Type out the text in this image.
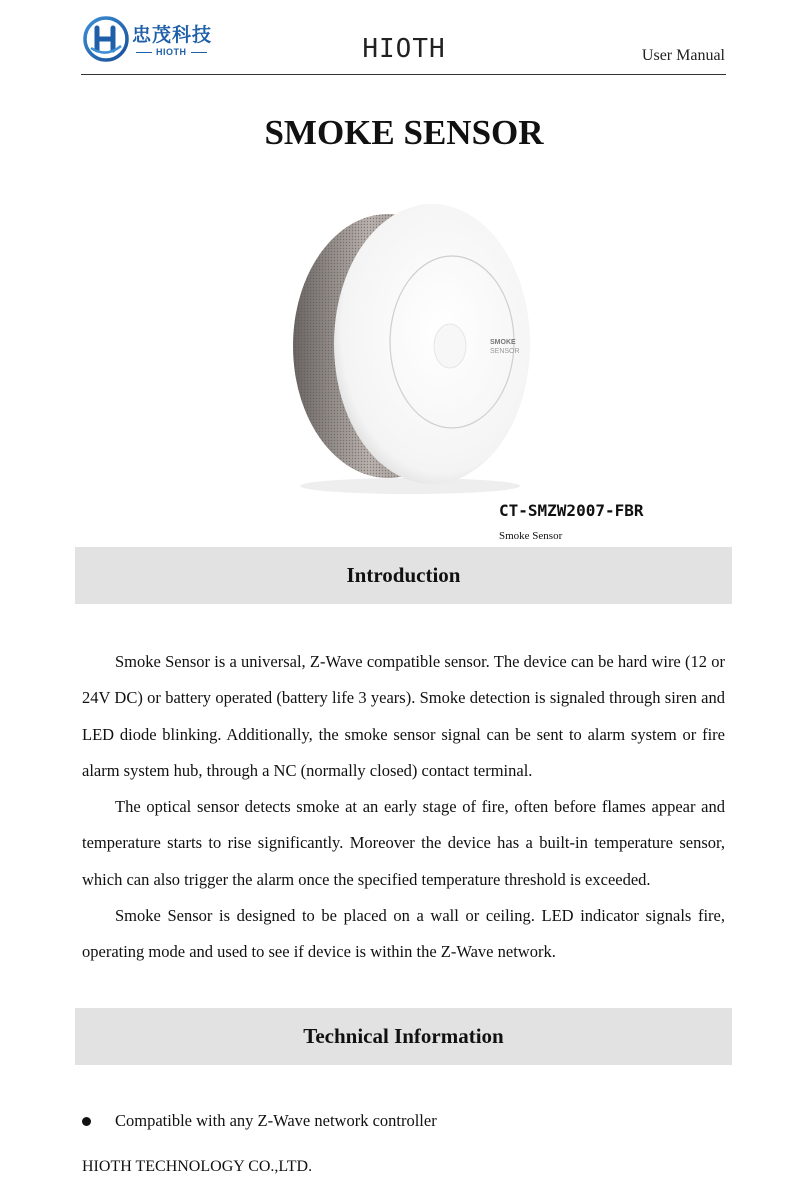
忠茂科技
HIOTH	HIOTH	User Manual
SMOKE SENSOR
SMOKE
SENSOR
CT-SMZW2007-FBR
Smoke Sensor
Introduction

Smoke Sensor is a universal, Z-Wave compatible sensor. The device can be hard wire (12 or 24V DC) or battery operated (battery life 3 years). Smoke detection is signaled through siren and LED diode blinking. Additionally, the smoke sensor signal can be sent to alarm system or fire alarm system hub, through a NC (normally closed) contact terminal.

The optical sensor detects smoke at an early stage of fire, often before flames appear and temperature starts to rise significantly. Moreover the device has a built-in temperature sensor, which can also trigger the alarm once the specified temperature threshold is exceeded.

Smoke Sensor is designed to be placed on a wall or ceiling. LED indicator signals fire, operating mode and used to see if device is within the Z-Wave network.

Technical Information
Compatible with any Z-Wave network controller
HIOTH TECHNOLOGY CO.,LTD.
